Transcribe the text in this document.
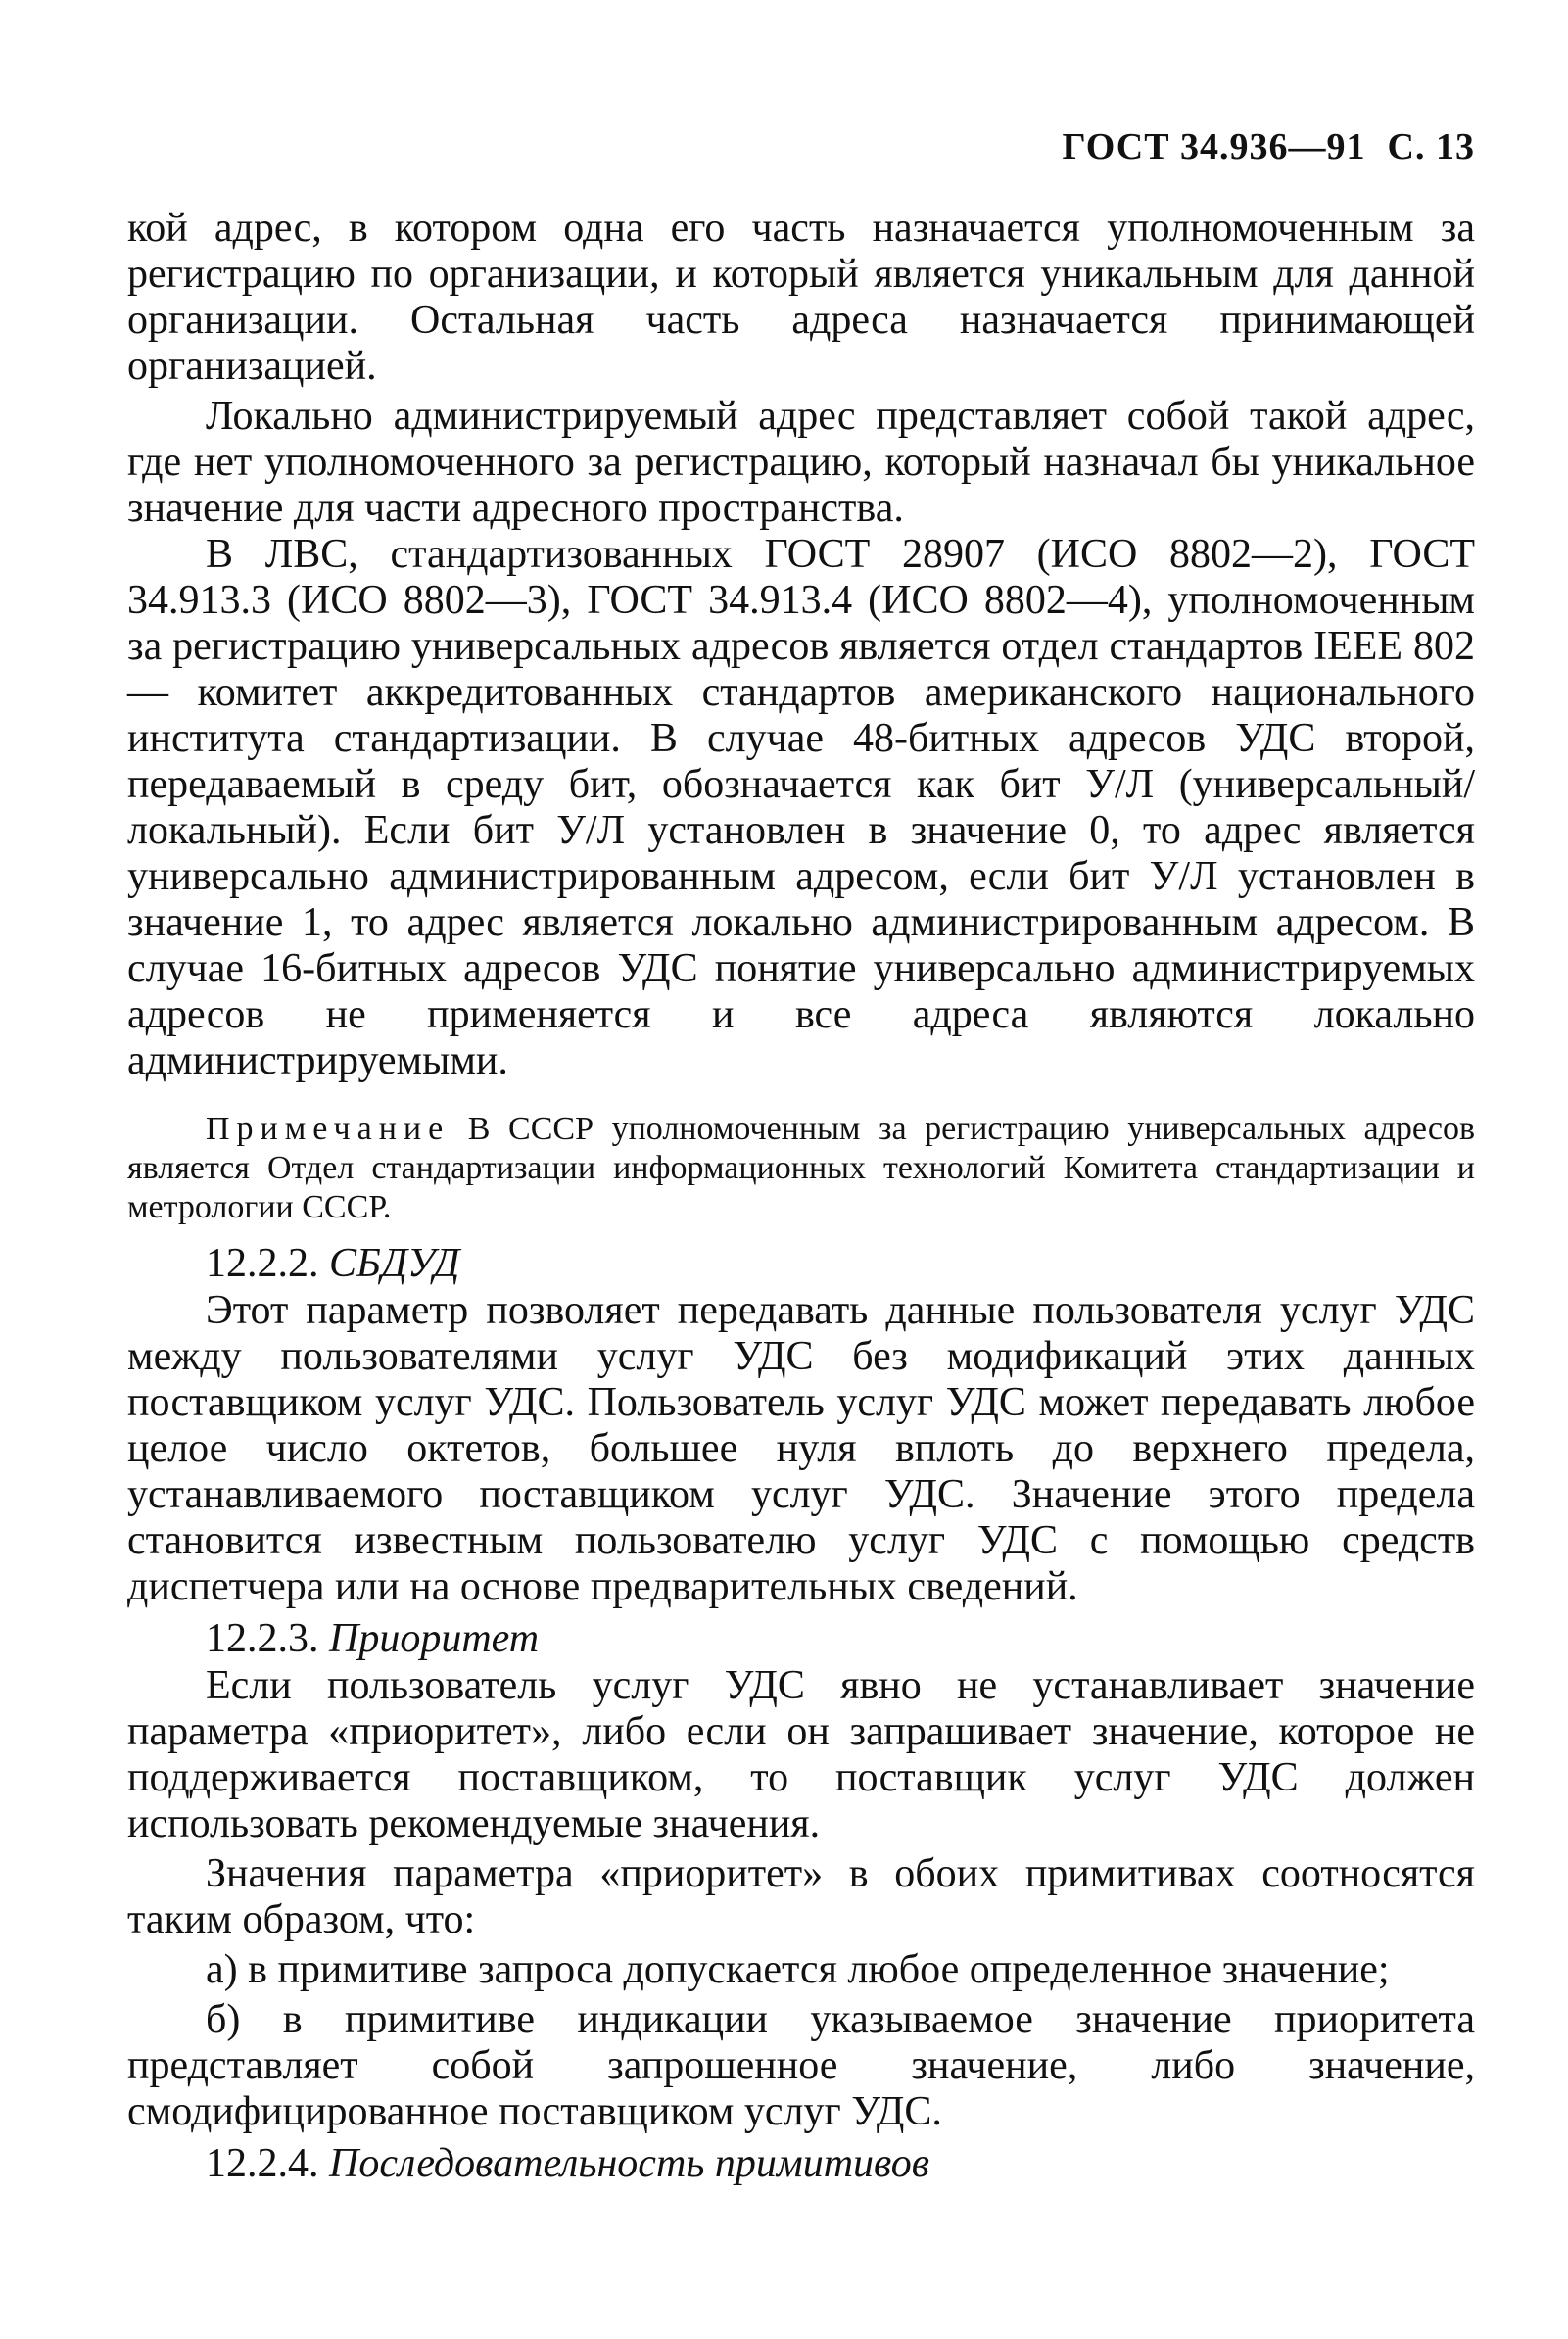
ГОСТ 34.936—91 С. 13

кой адрес, в котором одна его часть назначается уполномоченным за регистрацию по организации, и который является уникальным для данной организации. Остальная часть адреса назначается принимающей организацией.

Локально администрируемый адрес представляет собой такой адрес, где нет уполномоченного за регистрацию, который назначал бы уникальное значение для части адресного пространства.

В ЛВС, стандартизованных ГОСТ 28907 (ИСО 8802—2), ГОСТ 34.913.3 (ИСО 8802—3), ГОСТ 34.913.4 (ИСО 8802—4), уполномоченным за регистрацию универсальных адресов является отдел стандартов IEEE 802 — комитет аккредитованных стандартов американского национального института стандартизации. В случае 48-битных адресов УДС второй, передаваемый в среду бит, обозначается как бит У/Л (универсальный/локальный). Если бит У/Л установлен в значение 0, то адрес является универсально администрированным адресом, если бит У/Л установлен в значение 1, то адрес является локально администрированным адресом. В случае 16-битных адресов УДС понятие универсально администрируемых адресов не применяется и все адреса являются локально администрируемыми.

Примечание В СССР уполномоченным за регистрацию универсальных адресов является Отдел стандартизации информационных технологий Комитета стандартизации и метрологии СССР.

12.2.2. СБДУД

Этот параметр позволяет передавать данные пользователя услуг УДС между пользователями услуг УДС без модификаций этих данных поставщиком услуг УДС. Пользователь услуг УДС может передавать любое целое число октетов, большее нуля вплоть до верхнего предела, устанавливаемого поставщиком услуг УДС. Значение этого предела становится известным пользователю услуг УДС с помощью средств диспетчера или на основе предварительных сведений.

12.2.3. Приоритет

Если пользователь услуг УДС явно не устанавливает значение параметра «приоритет», либо если он запрашивает значение, которое не поддерживается поставщиком, то поставщик услуг УДС должен использовать рекомендуемые значения.

Значения параметра «приоритет» в обоих примитивах соотносятся таким образом, что:

а) в примитиве запроса допускается любое определенное значение;

б) в примитиве индикации указываемое значение приоритета представляет собой запрошенное значение, либо значение, смодифицированное поставщиком услуг УДС.

12.2.4. Последовательность примитивов
